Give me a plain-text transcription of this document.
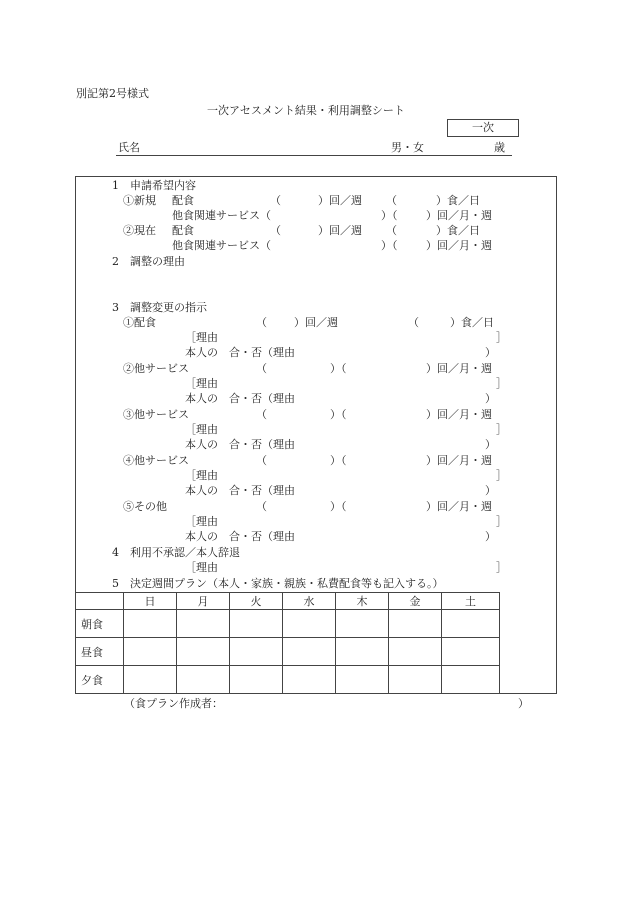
別記第2号様式
一次アセスメント結果・利用調整シート
一次
氏名	男・女	歳
1　申請希望内容
①新規 配食	（	）回／週 （	）食／日
他食関連サービス（	）（	）回／月・週
②現在 配食	（	）回／週 （	）食／日
他食関連サービス（	）（	）回／月・週
2　調整の理由
3　調整変更の指示
①配食	（ ）回／週	（	）食／日
［理由	］
本人の　合・否（理由	）
②他サービス	（	）（	）回／月・週
［理由	］
本人の　合・否（理由	）
③他サービス	（	）（	）回／月・週
［理由	］
本人の　合・否（理由	）
④他サービス	（	）（	）回／月・週
［理由	］
本人の　合・否（理由	）
⑤その他	（	）（	）回／月・週
［理由	］
本人の　合・否（理由	）
4　利用不承認／本人辞退
［理由	］
5　決定週間プラン（本人・家族・親族・私費配食等も記入する。）
	日	月	火	水	木	金	土
朝食							
昼食							
夕食							
（食プラン作成者：	）
